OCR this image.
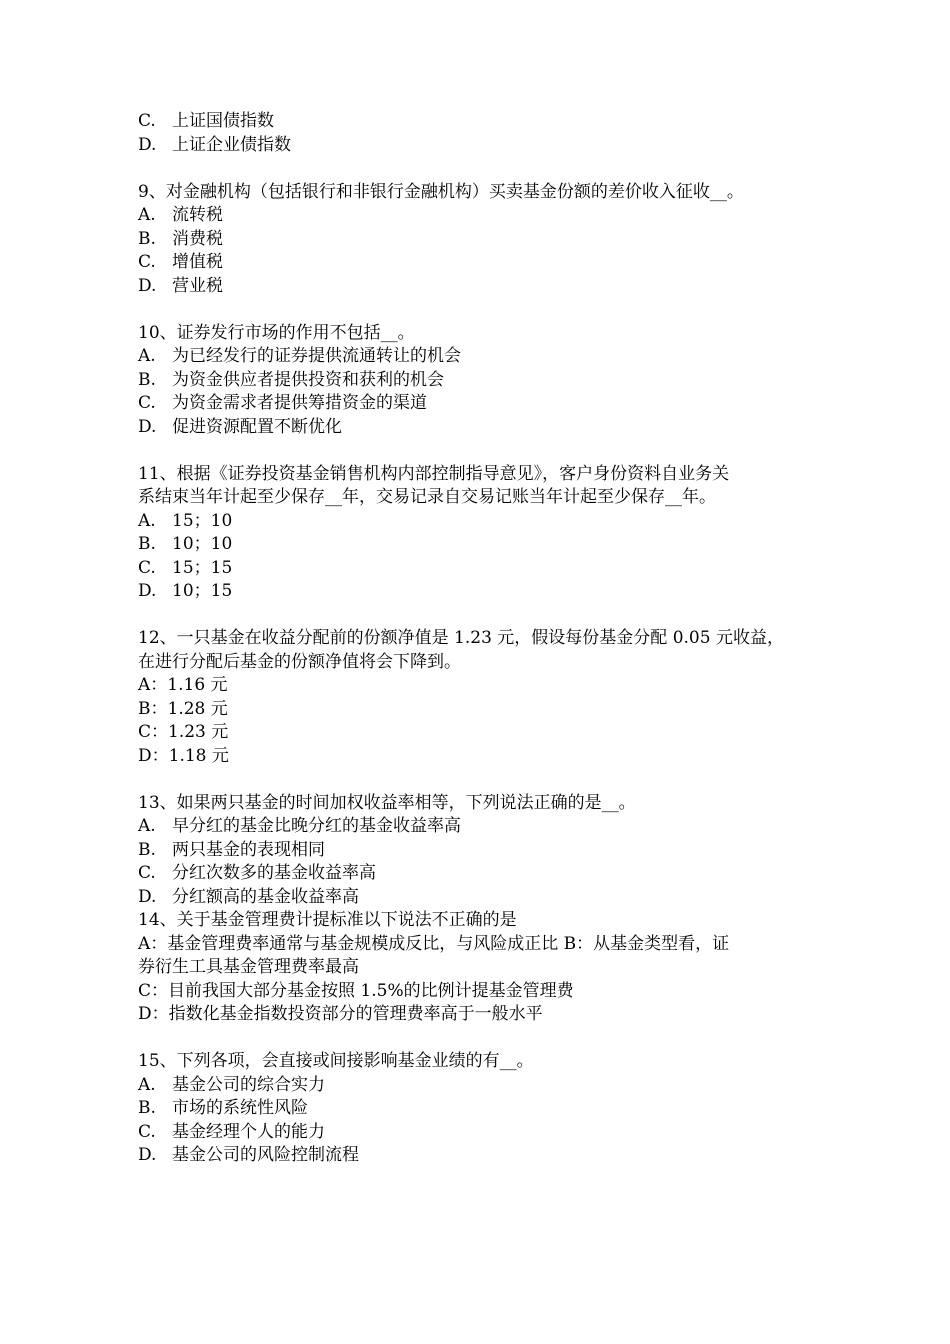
C. 上证国债指数
D. 上证企业债指数
9、对金融机构（包括银行和非银行金融机构）买卖基金份额的差价收入征收__。
A. 流转税
B. 消费税
C. 增值税
D. 营业税
10、证券发行市场的作用不包括__。
A. 为已经发行的证券提供流通转让的机会
B. 为资金供应者提供投资和获利的机会
C. 为资金需求者提供筹措资金的渠道
D. 促进资源配置不断优化
11、根据《证券投资基金销售机构内部控制指导意见》，客户身份资料自业务关
系结束当年计起至少保存__年，交易记录自交易记账当年计起至少保存__年。
A. 15；10
B. 10；10
C. 15；15
D. 10；15
12、一只基金在收益分配前的份额净值是 1.23 元，假设每份基金分配 0.05 元收益，
在进行分配后基金的份额净值将会下降到。
A：1.16 元
B：1.28 元
C：1.23 元
D：1.18 元
13、如果两只基金的时间加权收益率相等，下列说法正确的是__。
A. 早分红的基金比晚分红的基金收益率高
B. 两只基金的表现相同
C. 分红次数多的基金收益率高
D. 分红额高的基金收益率高
14、关于基金管理费计提标准以下说法不正确的是
A：基金管理费率通常与基金规模成反比，与风险成正比 B：从基金类型看，证
券衍生工具基金管理费率最高
C：目前我国大部分基金按照 1.5%的比例计提基金管理费
D：指数化基金指数投资部分的管理费率高于一般水平
15、下列各项，会直接或间接影响基金业绩的有__。
A. 基金公司的综合实力
B. 市场的系统性风险
C. 基金经理个人的能力
D. 基金公司的风险控制流程
